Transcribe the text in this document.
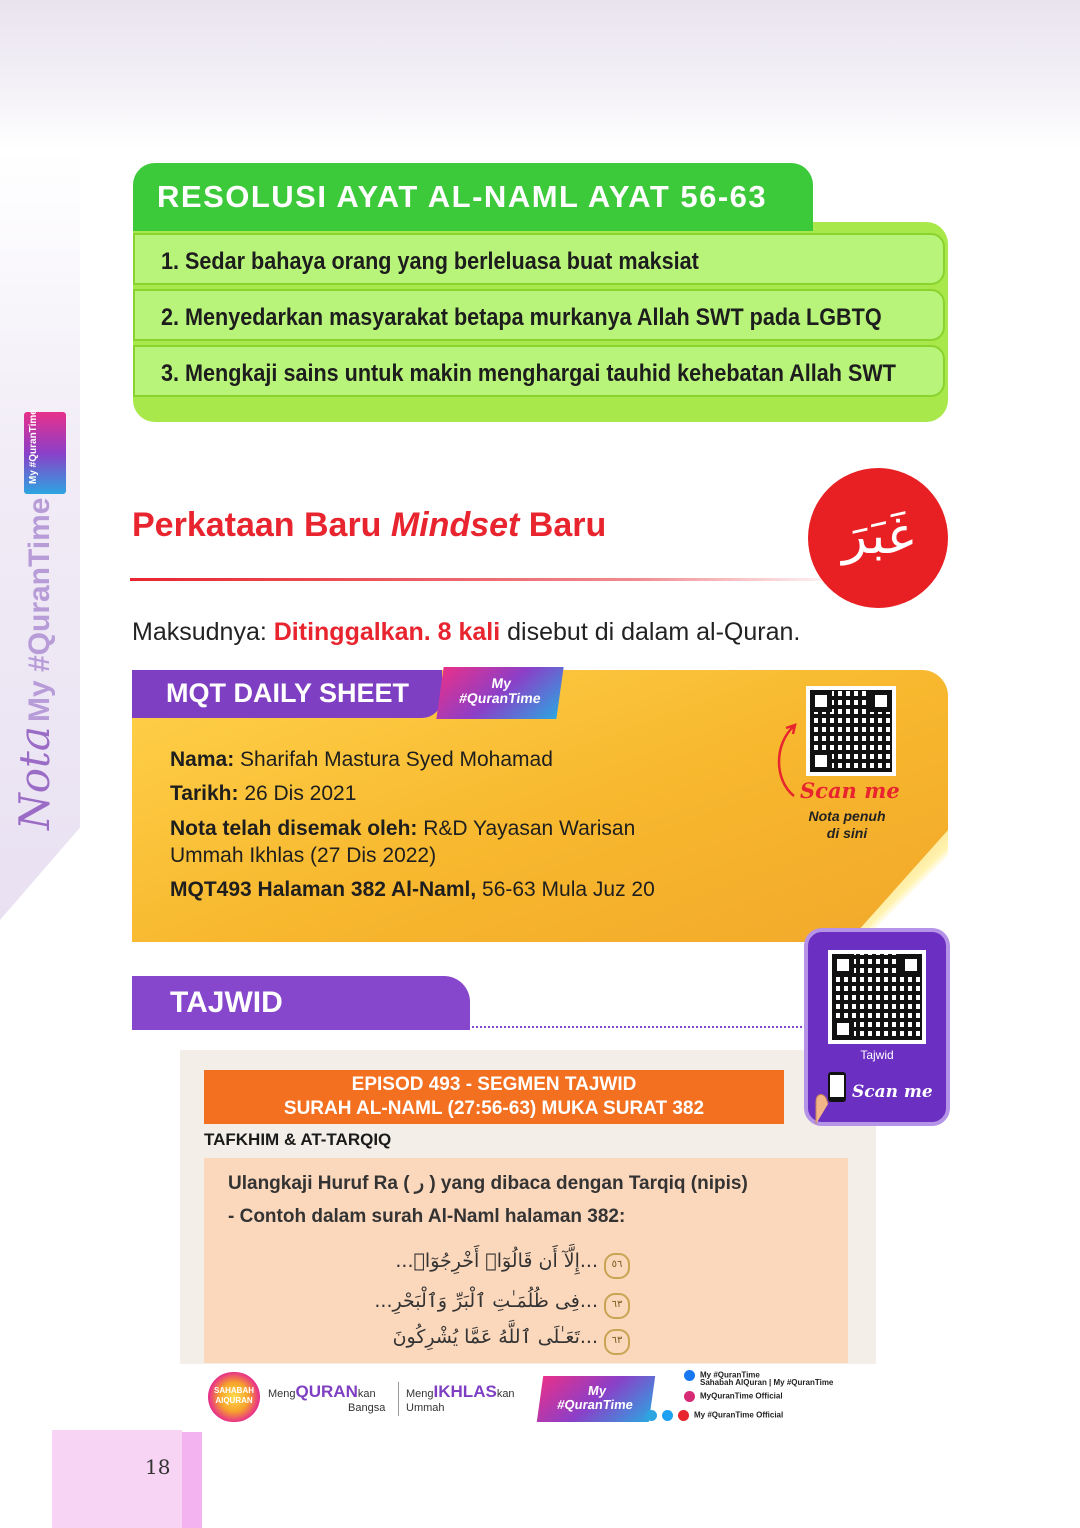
My #QuranTime
NotaMy #QuranTime
RESOLUSI AYAT AL-NAML AYAT 56-63
1. Sedar bahaya orang yang berleluasa buat maksiat
2. Menyedarkan masyarakat betapa murkanya Allah SWT pada LGBTQ
3. Mengkaji sains untuk makin menghargai tauhid kehebatan Allah SWT
Perkataan Baru Mindset Baru	غَبَرَ
Maksudnya: Ditinggalkan. 8 kali disebut di dalam al-Quran.
MQT DAILY SHEET	My #QuranTime
Nama: Sharifah Mastura Syed Mohamad
Tarikh: 26 Dis 2021
Nota telah disemak oleh: R&D Yayasan Warisan
Ummah Ikhlas (27 Dis 2022)
MQT493 Halaman 382 Al-Naml, 56-63 Mula Juz 20
Scan me
Nota penuh di sini
TAJWID
EPISOD 493 - SEGMEN TAJWID
SURAH AL-NAML (27:56-63) MUKA SURAT 382
TAFKHIM & AT-TARQIQ
Ulangkaji Huruf Ra ( ر ) yang dibaca dengan Tarqiq (nipis)
- Contoh dalam surah Al-Naml halaman 382:
٥٦...إِلَّآ أَن قَالُوٓا۟ أَخْرِجُوٓا۟...
٦٣...فِى ظُلُمَـٰتِ ٱلْبَرِّ وَٱلْبَحْرِ...
٦٣...تَعَـٰلَى ٱللَّهُ عَمَّا يُشْرِكُونَ
SAHABAH AlQURAN
MengQURANkan
Bangsa
MengIKHLASkan
Ummah
My #QuranTime
My #QuranTime
Sahabah AlQuran | My #QuranTime
MyQuranTime Official
My #QuranTime Official
Tajwid
Scan me
18
